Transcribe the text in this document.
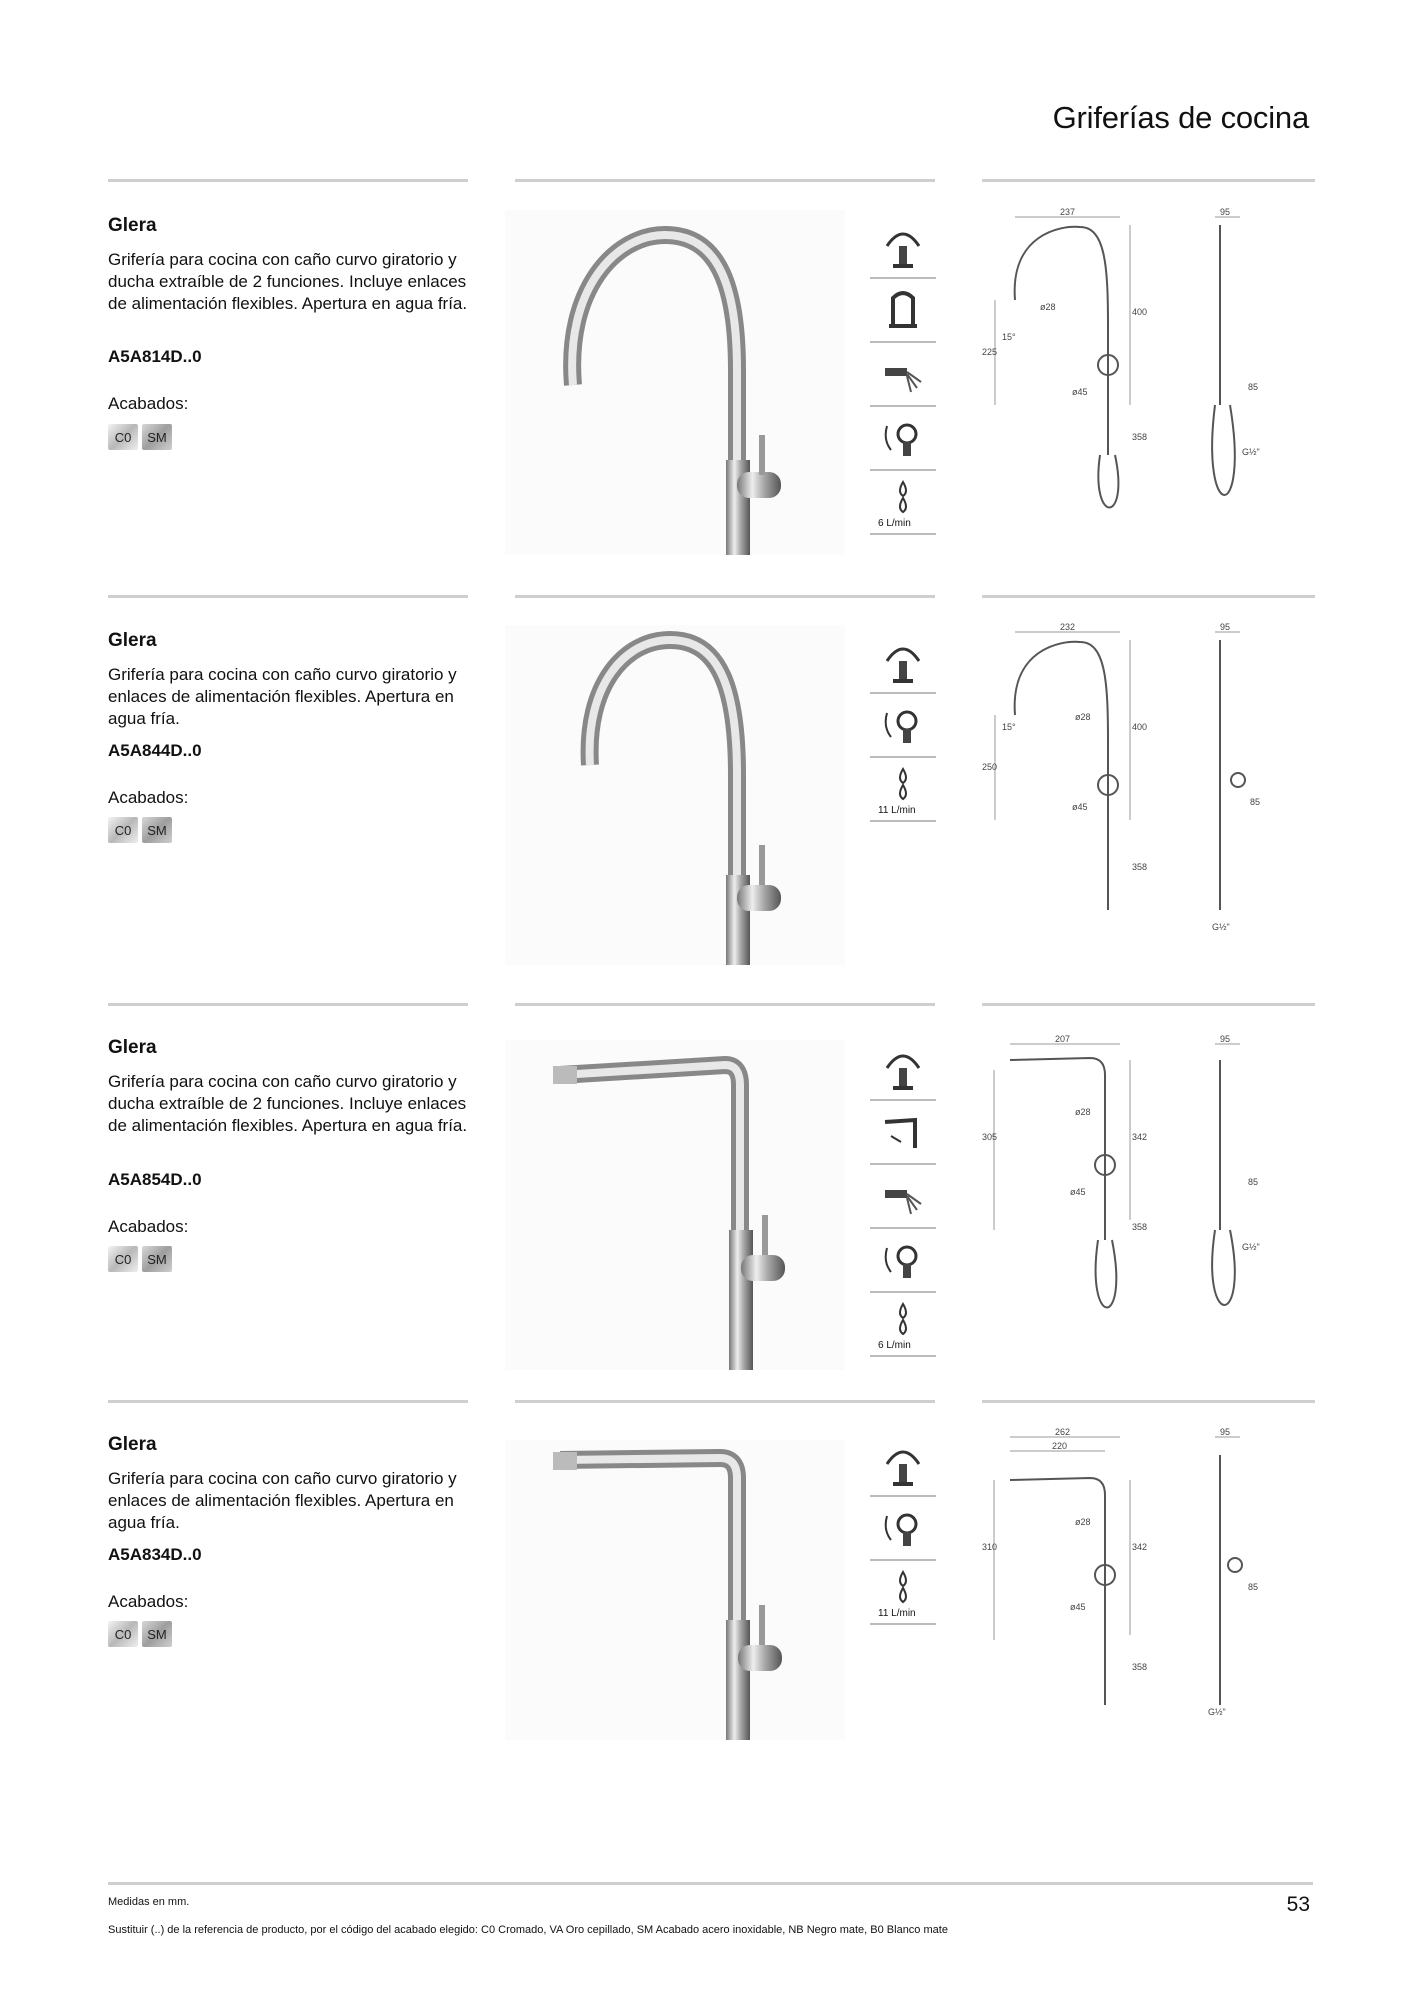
Griferías de cocina
Glera
Grifería para cocina con caño curvo giratorio y ducha extraíble de 2 funciones. Incluye enlaces de alimentación flexibles. Apertura en agua fría.
A5A814D..0
Acabados:
C0	SM
6 L/min
237	95
225
400
ø28
ø45	85
358
G½"
15°
Glera
Grifería para cocina con caño curvo giratorio y enlaces de alimentación flexibles. Apertura en agua fría.
A5A844D..0
Acabados:
C0	SM
11 L/min
232	95
250
400
ø28
ø45	85
358
G½"
15°
Glera
Grifería para cocina con caño curvo giratorio y ducha extraíble de 2 funciones. Incluye enlaces de alimentación flexibles. Apertura en agua fría.
A5A854D..0
Acabados:
C0	SM
6 L/min
207	95
305	342
ø28
ø45
85
358
G½"
Glera
Grifería para cocina con caño curvo giratorio y enlaces de alimentación flexibles. Apertura en agua fría.
A5A834D..0
Acabados:
C0	SM
11 L/min
262
220
95
310	342
ø28
ø45
85
358
G½"
Medidas en mm.
Sustituir (..) de la referencia de producto, por el código del acabado elegido: C0 Cromado, VA Oro cepillado, SM Acabado acero inoxidable, NB Negro mate, B0 Blanco mate
53
